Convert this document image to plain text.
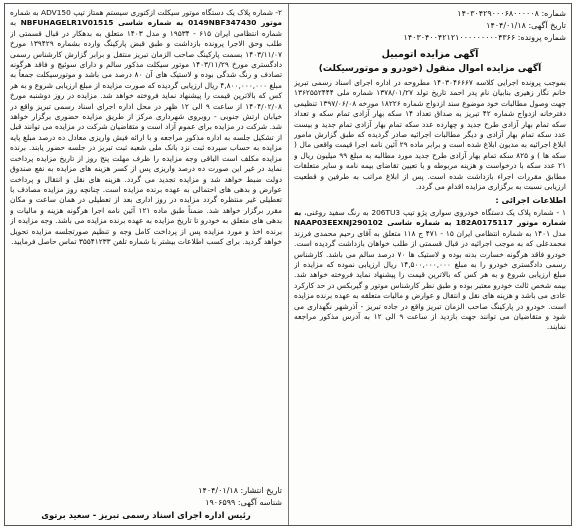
شماره: ۱۴۰۳۰۴۲۹۰۰۰۶۸۰۰۰۰۰۸
تاریخ آگهی: ۱۴۰۴/۰۱/۱۸
شماره پرونده: ۱۴۰۳۰۴۰۰۴۲۱۲۱۰۰۰۰۰۰۰۰۰۴۳۶۶
آگهی مزایده اتومبیل
آگهی مزایده اموال منقول (خودرو و موتورسیکلت)

بموجب پرونده اجرایی کلاسه ۱۴۰۳۰۴۶۶۶۷ مطروحه در اداره اجرای اسناد رسمی تبریز خانم نگار زهیری بنابیان نام پدر احمد تاریخ تولد ۱۳۷۸/۰۱/۲۷ شماره ملی ۱۳۶۲۵۵۲۴۴۴ جهت وصول مطالبات خود موضوع سند ازدواج شماره ۱۸۲۲۶ مورخه ۱۳۹۷/۰۶/۰۸ تنظیمی دفترخانه ازدواج شماره ۴۲ تبریز به صداق تعداد ۱۴ سکه بهار آزادی تمام سکه و تعداد سکه تمام بهار آزادی طرح جدید و چهارده عدد سکه تمام بهار آزادی تمام جدید و بیست عدد سکه تمام بهار آزادی و دیگر مطالبات اجرائیه صادر گردیده که طبق گزارش مامور ابلاغ اجرائیه به مدیون ابلاغ شده است و برابر ماده ۲۹ آئین نامه اجرا قیمت واقعی مال ( سکه ها ) و ۸۲۵ سکه تمام بهار آزادی طرح جدید مورد مطالبه به مبلغ ۹۹ میلیون ریال و ۲۱ عدد سکه با درخواست و هزینه مربوطه و با تعیین تقاضای بیمه نامه و سایر متعلقات مطابق مقررات اجراء بازداشت شده است. پس از ابلاغ مراتب به طرفین و قطعیت ارزیابی نسبت به برگزاری مزایده اقدام می گردد.

اطلاعات اجرائی :

۱ - شماره پلاک یک دستگاه خودروی سواری پژو تیپ 206TU3 به رنگ سفید روغنی، به شماره موتور 182A0175117 به شماره شاسی NAAP03EEXNJ290102 مدل ۱۴۰۱ به شماره انتظامی ایران ۱۵ - ۴۷۱ ج ۱۱۸ متعلق به آقای رحیم محمدی فرزند محمدعلی که به موجب اجرائیه در قبال قسمتی از طلب خواهان بازداشت گردیده است. خودرو فاقد هرگونه خسارت بدنه بوده و لاستیک ها ۷۰ درصد سالم می باشد. کارشناس رسمی دادگستری خودرو را به مبلغ ۱۴,۵۰۰,۰۰۰,۰۰۰ ریال ارزیابی نموده که مزایده از مبلغ ارزیابی شروع و به هر کس که بالاترین قیمت را پیشنهاد نماید فروخته خواهد شد. بیمه شخص ثالث خودرو معتبر بوده و طبق نظر کارشناس موتور و گیربکس در حد کارکرد عادی می باشد و هزینه های نقل و انتقال و عوارض و مالیات متعلقه به عهده برنده مزایده است. خودرو در پارکینگ صاحب الزمان تبریز واقع در جاده تبریز - آذرشهر نگهداری می شود و متقاضیان می توانند جهت بازدید از ساعت ۹ الی ۱۲ به آدرس مذکور مراجعه نمایند.

۲- شماره پلاک یک دستگاه موتور سیکلت ازکتوری سیستم همتاز تیپ ADV150 به شماره موتور 0149NBF347430 به شماره شاسی NBFUHAGELR1V01515 به شماره انتظامی ایران ۶۱۵ - ۱۹۵۳۴ و مدل ۱۴۰۳ متعلق به بدهکار در قبال قسمتی از طلب وحق الاجرا پرونده بازداشت و طبق قبض پارکینگ وارده بشماره ۱۳۹۴۲۹ مورخ ۱۴۰۳/۱۱/۰۷ بسمت پارکینگ صاحب الزمان تبریز منتقل و برابر گزارش کارشناس رسمی دادگستری مورخ ۱۴۰۳/۱۱/۲۹ موتور سیکلت مذکور سالم و دارای سوئیچ و فاقد هرگونه تصادف و رنگ شدگی بوده و لاستیک های آن ۸۰ درصد می باشد و موتورسیکلت جمعاً به مبلغ ۴,۸۰۰,۰۰۰,۰۰۰ ریال ارزیابی گردیده که صورت مزایده از مبلغ ارزیابی شروع و به هر کس که بالاترین قیمت را پیشنهاد نماید فروخته خواهد شد. مزایده در روز دوشنبه مورخ ۱۴۰۴/۰۲/۰۸ از ساعت ۹ الی ۱۲ ظهر در محل اداره اجرای اسناد رسمی تبریز واقع در خیابان ارتش جنوبی - روبروی شهرداری مرکز از طریق مزایده حضوری برگزار خواهد شد. شرکت در مزایده برای عموم آزاد است و متقاضیان شرکت در مزایده می توانند قبل از تشکیل جلسه به اداره مذکور مراجعه و با ارائه فیش واریزی معادل ده درصد مبلغ پایه مزایده به حساب سپرده ثبت نزد بانک ملی شعبه ثبت تبریز در جلسه حضور یابند. برنده مزایده مکلف است الباقی وجه مزایده را ظرف مهلت پنج روز از تاریخ مزایده پرداخت نماید در غیر این صورت ده درصد واریزی پس از کسر هزینه های مزایده به نفع صندوق دولت ضبط خواهد شد و مزایده تجدید می گردد. هزینه های نقل و انتقال و پرداخت عوارض و بدهی های احتمالی به عهده برنده مزایده است. چنانچه روز مزایده مصادف با تعطیلی غیر منتظره گردد مزایده در روز اداری بعد از تعطیلی در همان ساعت و مکان مقرر برگزار خواهد شد. ضمناً طبق ماده ۱۲۱ آئین نامه اجرا هرگونه هزینه و مالیات و بدهی های متعلق به خودرو تا تاریخ مزایده به عهده برنده مزایده می باشد. وجه مزایده از برنده اخذ و مورد مزایده پس از پرداخت کامل وجه و تنظیم صورتجلسه مزایده تحویل خواهد گردید. برای کسب اطلاعات بیشتر با شماره تلفن ۳۵۵۴۱۲۳۳ تماس حاصل فرمایید.

تاریخ انتشار: ۱۴۰۴/۰۱/۱۸
شناسه آگهی: ۱۹۰۶۵۹۹
رئیس اداره اجرای اسناد رسمی تبریز - سعید برتوی
